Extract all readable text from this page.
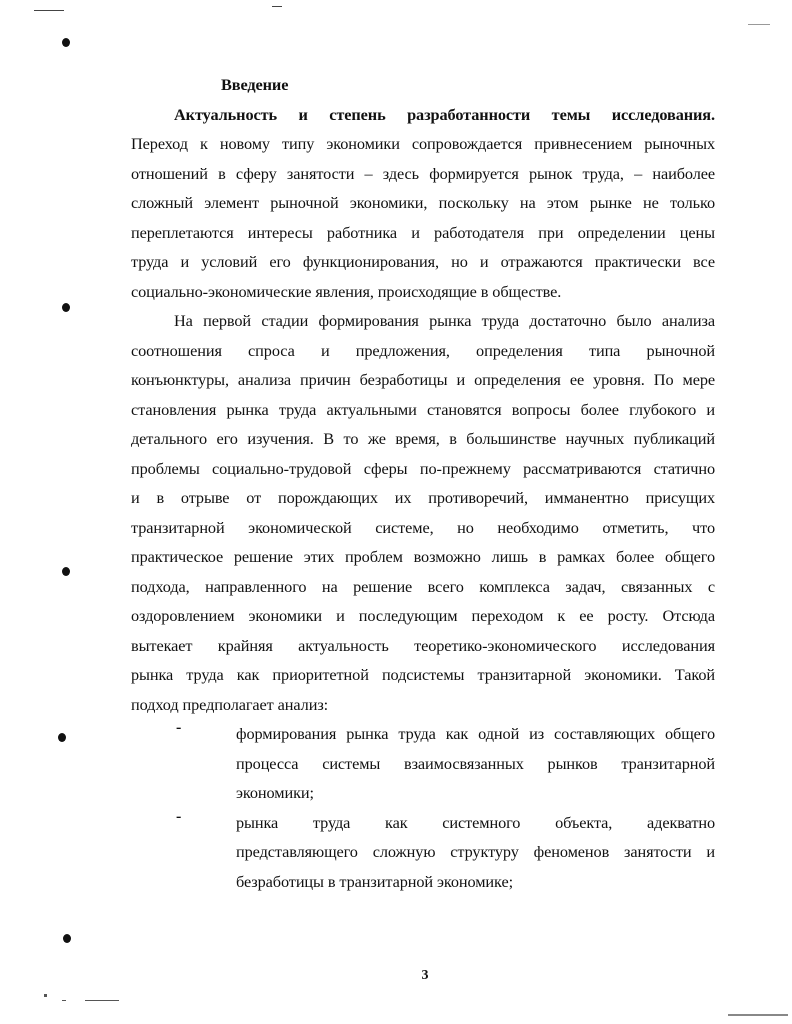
Введение
Актуальность и степень разработанности темы исследования.
Переход к новому типу экономики сопровождается привнесением рыночных
отношений в сферу занятости – здесь формируется рынок труда, – наиболее
сложный элемент рыночной экономики, поскольку на этом рынке не только
переплетаются интересы работника и работодателя при определении цены
труда и условий его функционирования, но и отражаются практически все
социально-экономические явления, происходящие в обществе.
На первой стадии формирования рынка труда достаточно было анализа
соотношения спроса и предложения, определения типа рыночной
конъюнктуры, анализа причин безработицы и определения ее уровня. По мере
становления рынка труда актуальными становятся вопросы более глубокого и
детального его изучения. В то же время, в большинстве научных публикаций
проблемы социально-трудовой сферы по-прежнему рассматриваются статично
и в отрыве от порождающих их противоречий, имманентно присущих
транзитарной экономической системе, но необходимо отметить, что
практическое решение этих проблем возможно лишь в рамках более общего
подхода, направленного на решение всего комплекса задач, связанных с
оздоровлением экономики и последующим переходом к ее росту. Отсюда
вытекает крайняя актуальность теоретико-экономического исследования
рынка труда как приоритетной подсистемы транзитарной экономики. Такой
подход предполагает анализ:
-	формирования рынка труда как одной из составляющих общего
процесса системы взаимосвязанных рынков транзитарной
экономики;
-	рынка труда как системного объекта, адекватно
представляющего сложную структуру феноменов занятости и
безработицы в транзитарной экономике;
3
